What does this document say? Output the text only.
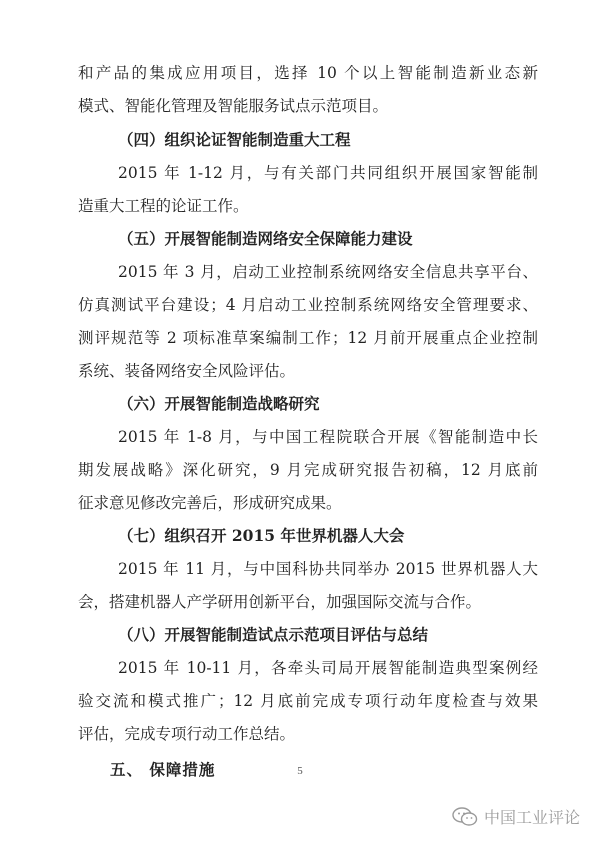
和产品的集成应用项目，选择 10 个以上智能制造新业态新
模式、智能化管理及智能服务试点示范项目。
（四）组织论证智能制造重大工程
2015 年 1-12 月，与有关部门共同组织开展国家智能制
造重大工程的论证工作。
（五）开展智能制造网络安全保障能力建设
2015 年 3 月，启动工业控制系统网络安全信息共享平台、
仿真测试平台建设；4 月启动工业控制系统网络安全管理要求、
测评规范等 2 项标准草案编制工作；12 月前开展重点企业控制
系统、装备网络安全风险评估。
（六）开展智能制造战略研究
2015 年 1-8 月，与中国工程院联合开展《智能制造中长
期发展战略》深化研究，9 月完成研究报告初稿，12 月底前
征求意见修改完善后，形成研究成果。
（七）组织召开 2015 年世界机器人大会
2015 年 11 月，与中国科协共同举办 2015 世界机器人大
会，搭建机器人产学研用创新平台，加强国际交流与合作。
（八）开展智能制造试点示范项目评估与总结
2015 年 10-11 月，各牵头司局开展智能制造典型案例经
验交流和模式推广；12 月底前完成专项行动年度检查与效果
评估，完成专项行动工作总结。
五、 保障措施	5
中国工业评论
